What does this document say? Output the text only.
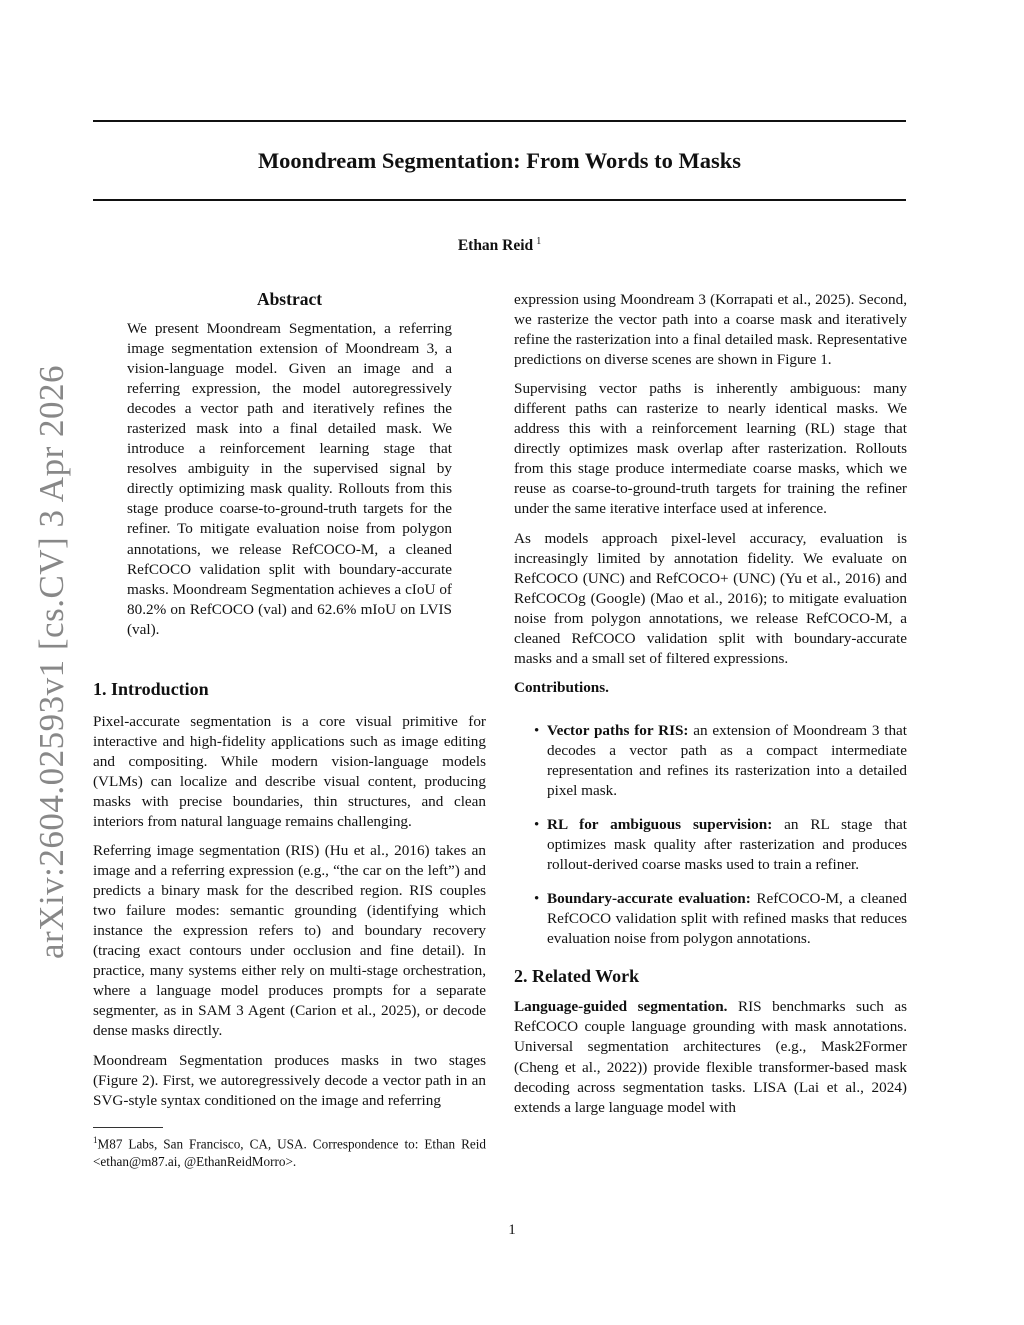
Moondream Segmentation: From Words to Masks
Ethan Reid $^1$
arXiv:2604.02593v1 [cs.CV] 3 Apr 2026
Abstract

We present Moondream Segmentation, a referring image segmentation extension of Moondream 3, a vision-language model. Given an image and a referring expression, the model autoregressively decodes a vector path and iteratively refines the rasterized mask into a final detailed mask. We introduce a reinforcement learning stage that resolves ambiguity in the supervised signal by directly optimizing mask quality. Rollouts from this stage produce coarse-to-ground-truth targets for the refiner. To mitigate evaluation noise from polygon annotations, we release RefCOCO-M, a cleaned RefCOCO validation split with boundary-accurate masks. Moondream Segmentation achieves a cIoU of 80.2% on RefCOCO (val) and 62.6% mIoU on LVIS (val).

1. Introduction

Pixel-accurate segmentation is a core visual primitive for interactive and high-fidelity applications such as image editing and compositing. While modern vision-language models (VLMs) can localize and describe visual content, producing masks with precise boundaries, thin structures, and clean interiors from natural language remains challenging.

Referring image segmentation (RIS) (Hu et al., 2016) takes an image and a referring expression (e.g., “the car on the left”) and predicts a binary mask for the described region. RIS couples two failure modes: semantic grounding (identifying which instance the expression refers to) and boundary recovery (tracing exact contours under occlusion and fine detail). In practice, many systems either rely on multi-stage orchestration, where a language model produces prompts for a separate segmenter, as in SAM 3 Agent (Carion et al., 2025), or decode dense masks directly.

Moondream Segmentation produces masks in two stages (Figure 2). First, we autoregressively decode a vector path in an SVG-style syntax conditioned on the image and referring

$^1$M87 Labs, San Francisco, CA, USA. Correspondence to: Ethan Reid <ethan@m87.ai, @EthanReidMorro>.

expression using Moondream 3 (Korrapati et al., 2025). Second, we rasterize the vector path into a coarse mask and iteratively refine the rasterization into a final detailed mask. Representative predictions on diverse scenes are shown in Figure 1.

Supervising vector paths is inherently ambiguous: many different paths can rasterize to nearly identical masks. We address this with a reinforcement learning (RL) stage that directly optimizes mask overlap after rasterization. Rollouts from this stage produce intermediate coarse masks, which we reuse as coarse-to-ground-truth targets for training the refiner under the same iterative interface used at inference.

As models approach pixel-level accuracy, evaluation is increasingly limited by annotation fidelity. We evaluate on RefCOCO (UNC) and RefCOCO+ (UNC) (Yu et al., 2016) and RefCOCOg (Google) (Mao et al., 2016); to mitigate evaluation noise from polygon annotations, we release RefCOCO-M, a cleaned RefCOCO validation split with boundary-accurate masks and a small set of filtered expressions.

Contributions.

• Vector paths for RIS: an extension of Moondream 3 that decodes a vector path as a compact intermediate representation and refines its rasterization into a detailed pixel mask.

• RL for ambiguous supervision: an RL stage that optimizes mask quality after rasterization and produces rollout-derived coarse masks used to train a refiner.

• Boundary-accurate evaluation: RefCOCO-M, a cleaned RefCOCO validation split with refined masks that reduces evaluation noise from polygon annotations.

2. Related Work

Language-guided segmentation. RIS benchmarks such as RefCOCO couple language grounding with mask annotations. Universal segmentation architectures (e.g., Mask2Former (Cheng et al., 2022)) provide flexible transformer-based mask decoding across segmentation tasks. LISA (Lai et al., 2024) extends a large language model with

1
